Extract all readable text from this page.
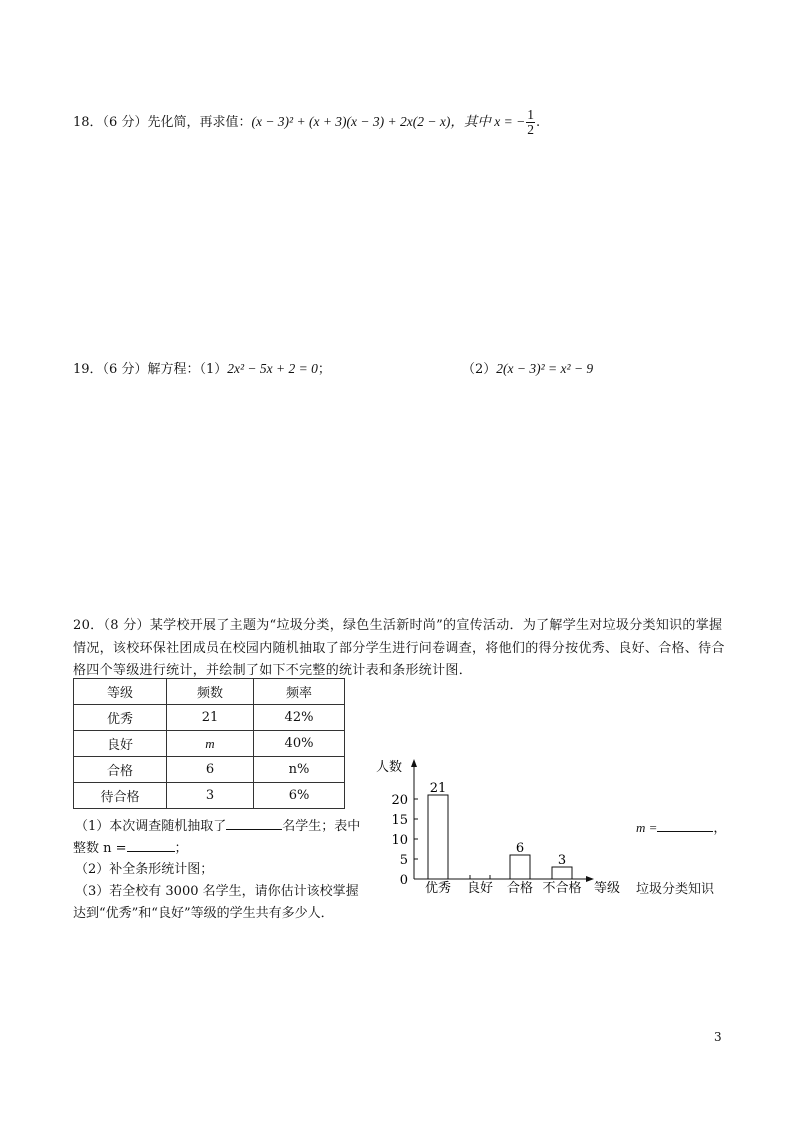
18．（6 分）先化简，再求值：(x − 3)² + (x + 3)(x − 3) + 2x(2 − x)，其中 x = − $\frac{1}{2}$ .
19．（6 分）解方程：（1）2x² − 5x + 2 = 0；	（2）2(x − 3)² = x² − 9
20．（8 分）某学校开展了主题为“垃圾分类，绿色生活新时尚”的宣传活动．为了解学生对垃圾分类知识的掌握情况，该校环保社团成员在校园内随机抽取了部分学生进行问卷调查，将他们的得分按优秀、良好、合格、待合格四个等级进行统计，并绘制了如下不完整的统计表和条形统计图．
等级	频数	频率
优秀	21	42%
良好	m	40%
合格	6	n%
待合格	3	6%
（1）本次调查随机抽取了	名学生；表中
整数 n =	；
m =	，
（2）补全条形统计图；
（3）若全校有 3000 名学生，请你估计该校掌握
达到“优秀”和“良好”等级的学生共有多少人．
人数
等级
0
5
10
15
20
21
优秀 良好
6
合格
3
不合格	垃圾分类知识
3
